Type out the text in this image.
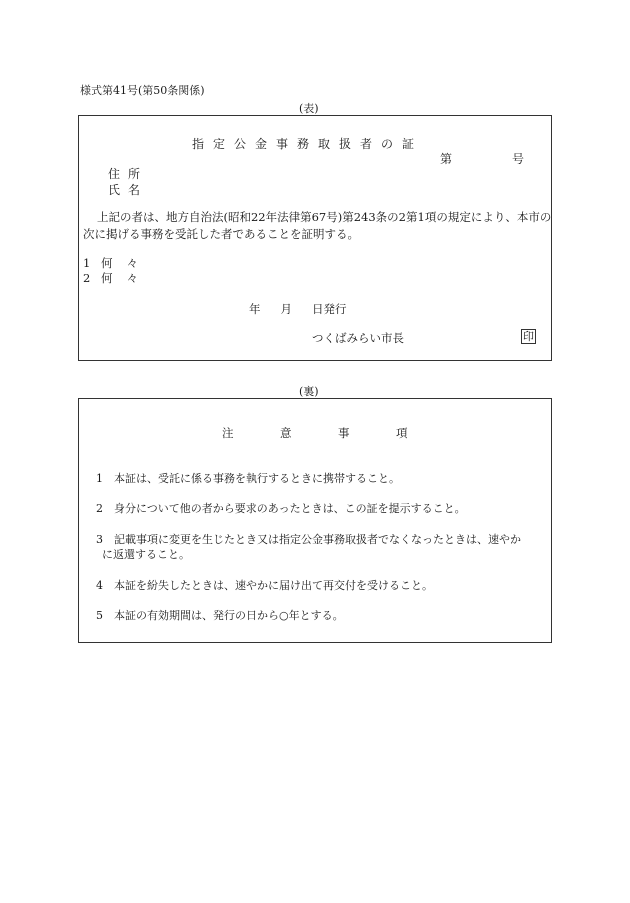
様式第41号(第50条関係)
(表)
指定公金事務取扱者の証
第	号
住 所
氏 名
上記の者は、地方自治法(昭和22年法律第67号)第243条の2第1項の規定により、本市の
次に掲げる事務を受託した者であることを証明する。
1 何 々
2 何 々
年 月 日発行
つくばみらい市長	印
(裏)
注	意	事	項
1 本証は、受託に係る事務を執行するときに携帯すること。
2 身分について他の者から要求のあったときは、この証を提示すること。
3 記載事項に変更を生じたとき又は指定公金事務取扱者でなくなったときは、速やか
に返還すること。
4 本証を紛失したときは、速やかに届け出て再交付を受けること。
5 本証の有効期間は、発行の日から○年とする。
